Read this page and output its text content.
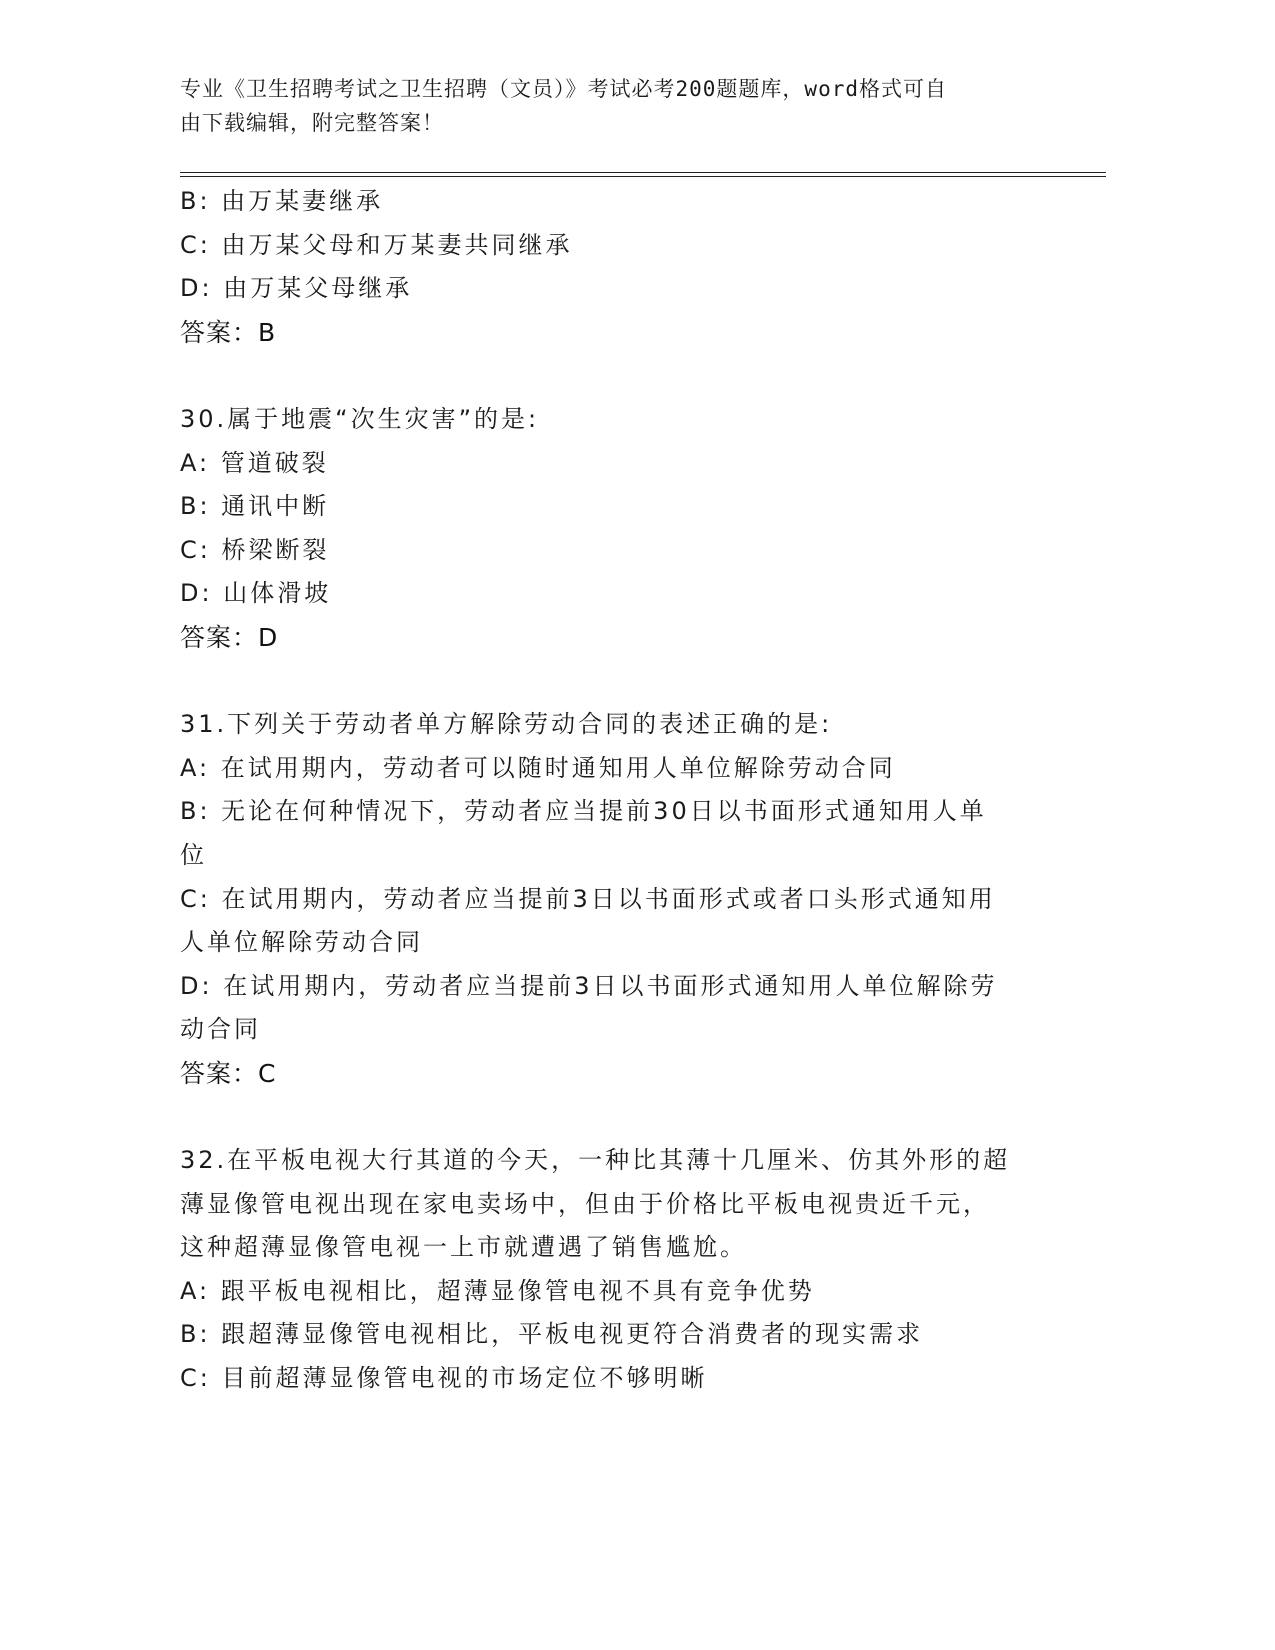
专业《卫生招聘考试之卫生招聘（文员）》考试必考200题题库，word格式可自
由下载编辑，附完整答案！
B: 由万某妻继承
C: 由万某父母和万某妻共同继承
D: 由万某父母继承
答案：B
30.属于地震“次生灾害”的是:
A: 管道破裂
B: 通讯中断
C: 桥梁断裂
D: 山体滑坡
答案：D
31.下列关于劳动者单方解除劳动合同的表述正确的是:
A: 在试用期内，劳动者可以随时通知用人单位解除劳动合同
B: 无论在何种情况下，劳动者应当提前30日以书面形式通知用人单
位
C: 在试用期内，劳动者应当提前3日以书面形式或者口头形式通知用
人单位解除劳动合同
D: 在试用期内，劳动者应当提前3日以书面形式通知用人单位解除劳
动合同
答案：C
32.在平板电视大行其道的今天，一种比其薄十几厘米、仿其外形的超
薄显像管电视出现在家电卖场中，但由于价格比平板电视贵近千元，
这种超薄显像管电视一上市就遭遇了销售尴尬。
A: 跟平板电视相比，超薄显像管电视不具有竞争优势
B: 跟超薄显像管电视相比，平板电视更符合消费者的现实需求
C: 目前超薄显像管电视的市场定位不够明晰
